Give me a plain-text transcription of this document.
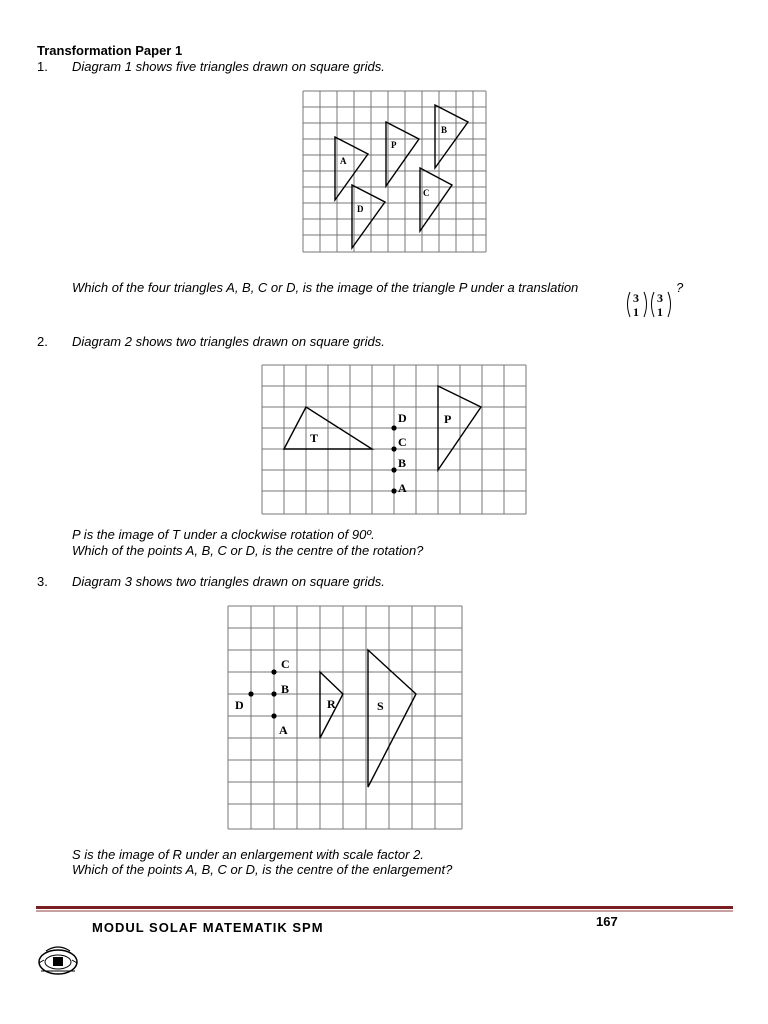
Transformation Paper 1
1. Diagram 1 shows five triangles drawn on square grids.
A
B
C
D
P
Which of the four triangles A, B, C or D, is the image of the triangle P under a translation	?
3
1
3
1
2. Diagram 2 shows two triangles drawn on square grids.
A
B
C
D	P
T
P is the image of T under a clockwise rotation of 90º.
Which of the points A, B, C or D, is the centre of the rotation?
3. Diagram 3 shows two triangles drawn on square grids.
A
B
C
D	R	S
S is the image of R under an enlargement with scale factor 2.
Which of the points A, B, C or D, is the centre of the enlargement?
MODUL SOLAF MATEMATIK SPM	167
